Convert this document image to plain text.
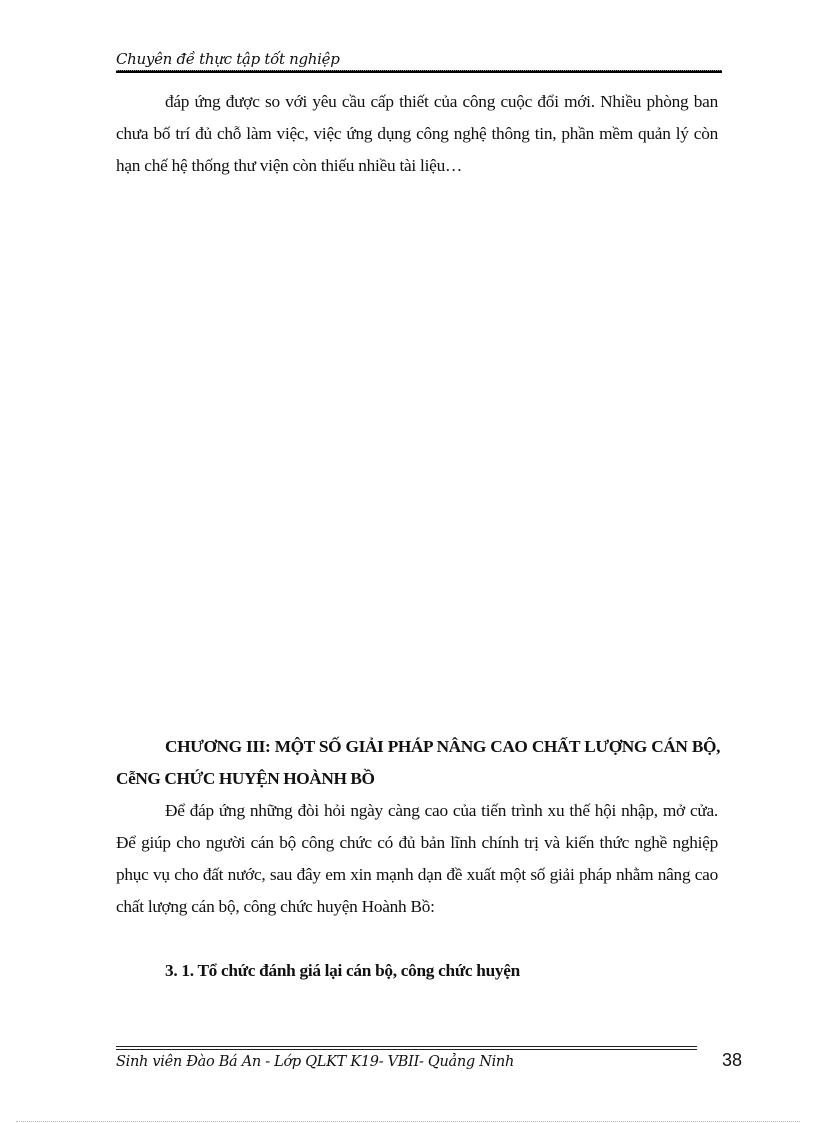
Chuyên đề thực tập tốt nghiệp
đáp ứng được so với yêu cầu cấp thiết của công cuộc đổi mới. Nhiều phòng ban chưa bố trí đủ chỗ làm việc, việc ứng dụng công nghệ thông tin, phần mềm quản lý còn hạn chế hệ thống thư viện còn thiếu nhiều tài liệu…
CHƯƠNG III: MỘT SỐ GIẢI PHÁP NÂNG CAO CHẤT LƯỢNG CÁN BỘ, CễNG CHỨC HUYỆN HOÀNH BỒ
Để đáp ứng những đòi hỏi ngày càng cao của tiến trình xu thế hội nhập, mở cửa. Để giúp cho người cán bộ công chức có đủ bản lĩnh chính trị và kiến thức nghề nghiệp phục vụ cho đất nước, sau đây em xin mạnh dạn đề xuất một số giải pháp nhằm nâng cao chất lượng cán bộ, công chức huyện Hoành Bồ:
3. 1. Tổ chức đánh giá lại cán bộ, công chức huyện
Sinh viên Đào Bá An - Lớp QLKT K19- VBII- Quảng Ninh	38
